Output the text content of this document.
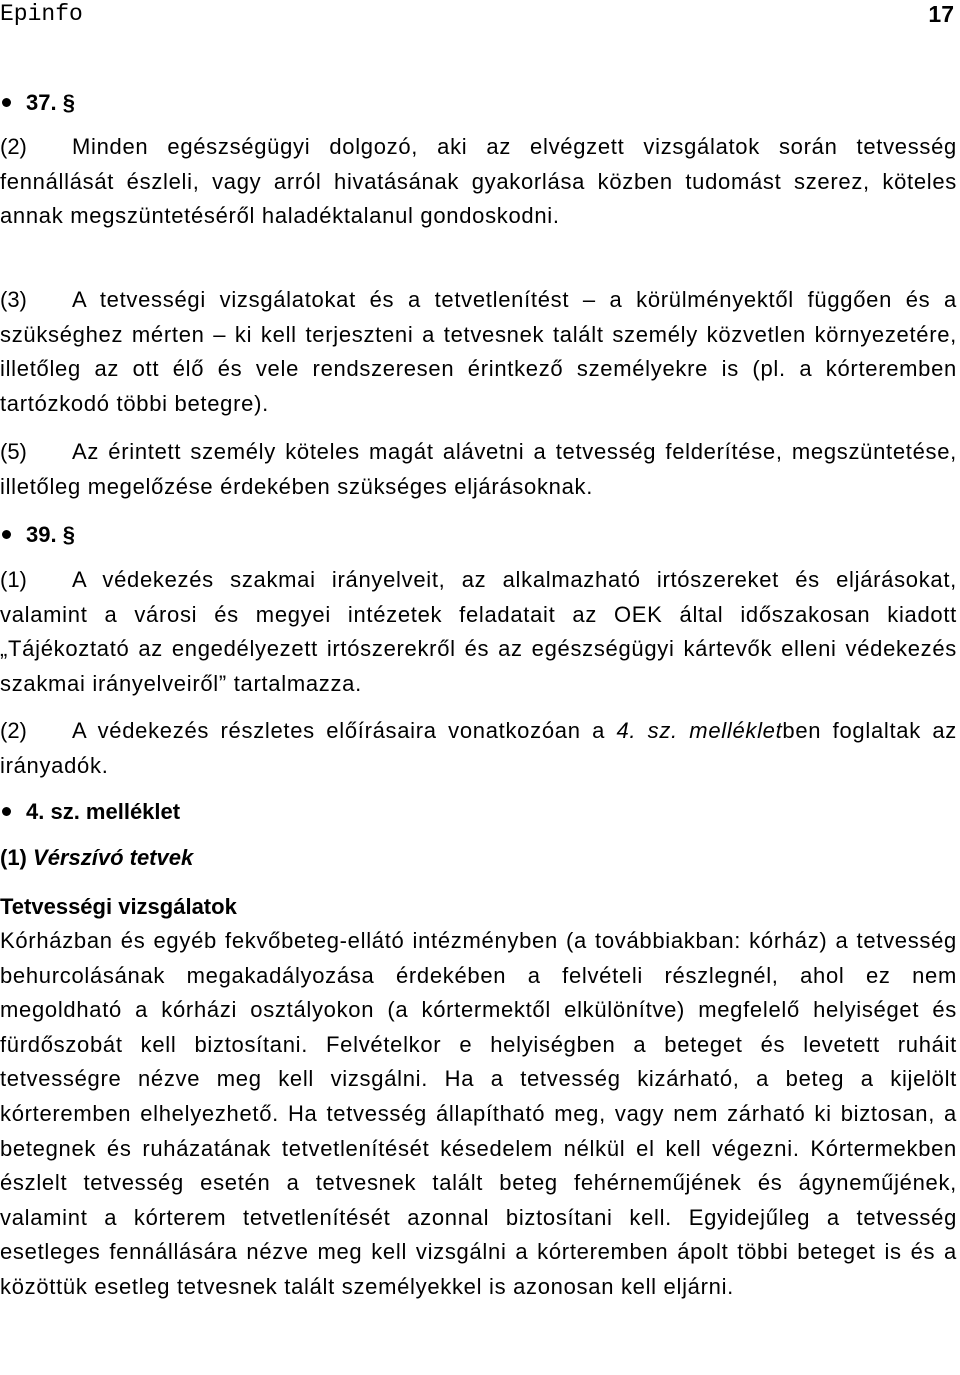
Epinfo	17
37. §
(2) Minden egészségügyi dolgozó, aki az elvégzett vizsgálatok során tetvesség fennállását észleli, vagy arról hivatásának gyakorlása közben tudomást szerez, köteles annak megszüntetéséről haladéktalanul gondoskodni.
(3) A tetvességi vizsgálatokat és a tetvetlenítést – a körülményektől függően és a szükséghez mérten – ki kell terjeszteni a tetvesnek talált személy közvetlen környezetére, illetőleg az ott élő és vele rendszeresen érintkező személyekre is (pl. a kórteremben tartózkodó többi betegre).
(5) Az érintett személy köteles magát alávetni a tetvesség felderítése, megszüntetése, illetőleg megelőzése érdekében szükséges eljárásoknak.
39. §
(1) A védekezés szakmai irányelveit, az alkalmazható irtószereket és eljárásokat, valamint a városi és megyei intézetek feladatait az OEK által időszakosan kiadott „Tájékoztató az engedélyezett irtószerekről és az egészségügyi kártevők elleni védekezés szakmai irányelveiről” tartalmazza.
(2) A védekezés részletes előírásaira vonatkozóan a 4. sz. mellékletben foglaltak az irányadók.
4. sz. melléklet
(1) Vérszívó tetvek
Tetvességi vizsgálatok
Kórházban és egyéb fekvőbeteg-ellátó intézményben (a továbbiakban: kórház) a tetvesség behurcolásának megakadályozása érdekében a felvételi részlegnél, ahol ez nem megoldható a kórházi osztályokon (a kórtermektől elkülönítve) megfelelő helyiséget és fürdőszobát kell biztosítani. Felvételkor e helyiségben a beteget és levetett ruháit tetvességre nézve meg kell vizsgálni. Ha a tetvesség kizárható, a beteg a kijelölt kórteremben elhelyezhető. Ha tetvesség állapítható meg, vagy nem zárható ki biztosan, a betegnek és ruházatának tetvetlenítését késedelem nélkül el kell végezni. Kórtermekben észlelt tetvesség esetén a tetvesnek talált beteg fehérneműjének és ágyneműjének, valamint a kórterem tetvetlenítését azonnal biztosítani kell. Egyidejűleg a tetvesség esetleges fennállására nézve meg kell vizsgálni a kórteremben ápolt többi beteget is és a közöttük esetleg tetvesnek talált személyekkel is azonosan kell eljárni.
